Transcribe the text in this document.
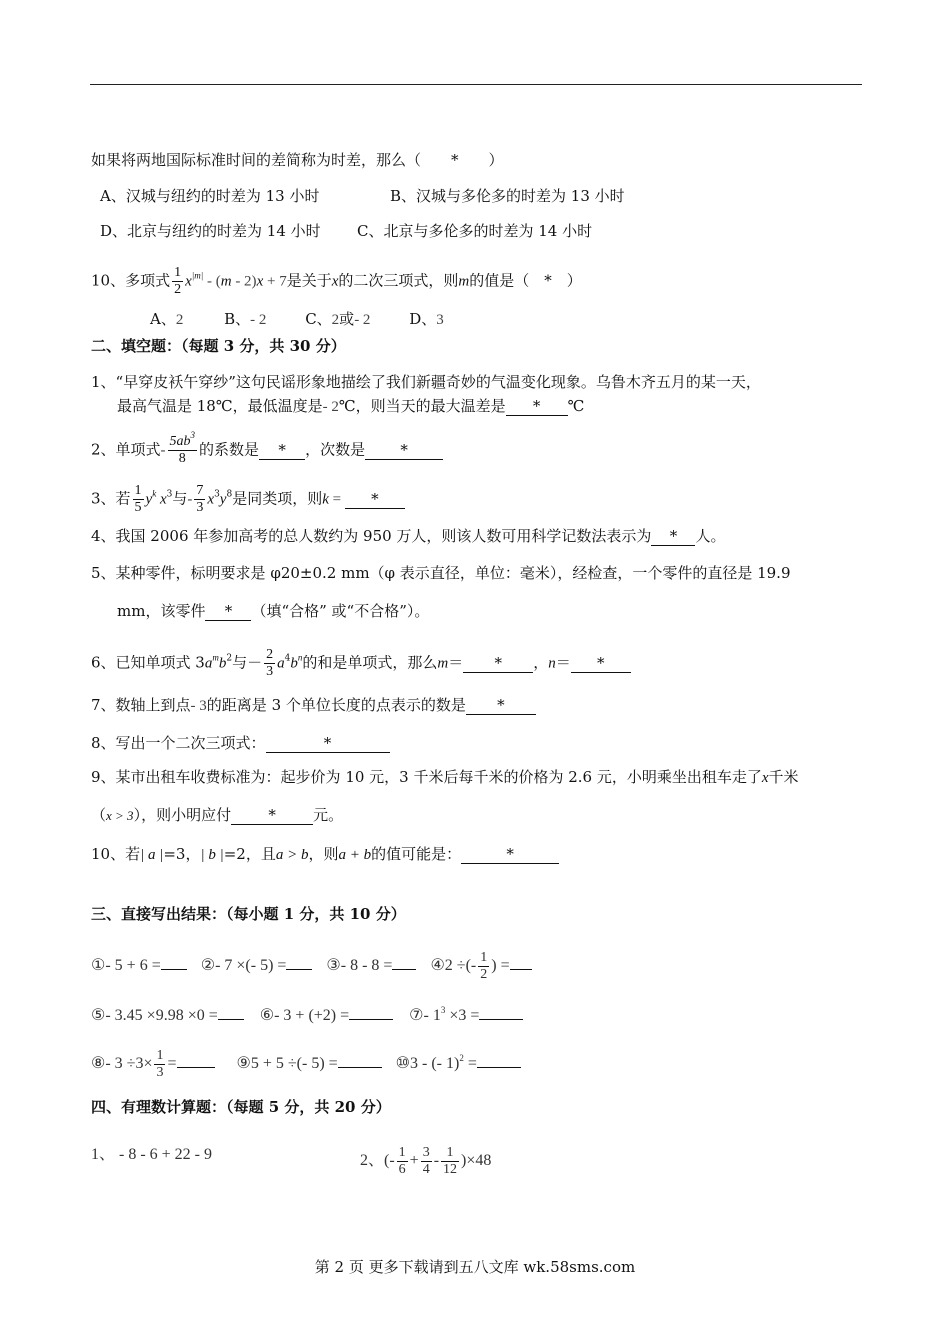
如果将两地国际标准时间的差简称为时差，那么（　　*　　）
A、汉城与纽约的时差为 13 小时	B、汉城与多伦多的时差为 13 小时
D、北京与纽约的时差为 14 小时 C、北京与多伦多的时差为 14 小时
10、多项式 $\frac{1}{2} x^{|m|} - (m - 2)x + 7$是关于x的二次三项式，则m的值是（　*　）
A、2	B、- 2	C、2或- 2	D、3
二、填空题：（每题 3 分，共 30 分）
1、“早穿皮袄午穿纱”这句民谣形象地描绘了我们新疆奇妙的气温变化现象。乌鲁木齐五月的某一天，
最高气温是 18℃，最低温度是- 2℃，则当天的最大温差是 * ℃
2、单项式- $\frac{5ab^3}{8}$ 的系数是 * ，次数是 *
3、若 $\frac{1}{5} y^k$ $x^3$与- $\frac{7}{3} x^3y^8$是同类项，则k = *
4、我国 2006 年参加高考的总人数约为 950 万人，则该人数可用科学记数法表示为 * 人。
5、某种零件，标明要求是 φ20±0.2 mm（φ 表示直径，单位：毫米），经检查，一个零件的直径是 19.9
mm，该零件 * （填“合格” 或“不合格”）。
6、已知单项式 $3a^mb^2$与－ $\frac{2}{3} a^4b^n$的和是单项式，那么m＝ * ，n＝ *
7、数轴上到点- 3的距离是 3 个单位长度的点表示的数是 *
8、写出一个二次三项式：	*
9、某市出租车收费标准为：起步价为 10 元，3 千米后每千米的价格为 2.6 元，小明乘坐出租车走了x千米
（x > 3），则小明应付 * 元。
10、若| a |=3，| b |=2，且a > b，则a + b的值可能是：	*
三、直接写出结果：（每小题 1 分，共 10 分）
①- 5 + 6 =	②- 7 ×(- 5) =	③- 8 - 8 = ④2 ÷(- $\frac{1}{2}$ ) =
⑤- 3.45 ×9.98 ×0 =	⑥- 3 + (+2) =	⑦- $1^3 \times 3$ =
⑧- $3 \div 3\times \frac{1}{3}$ =	⑨5 + 5 ÷(- 5) =	⑩3 - (- 1)$^2$ =
四、有理数计算题：（每题 5 分，共 20 分）
1、 - 8 - 6 + 22 - 9	2、(- $\frac{1}{6} + \frac{3}{4} - \frac{1}{12} )\times 48$
第 2 页 更多下载请到五八文库 wk.58sms.com
